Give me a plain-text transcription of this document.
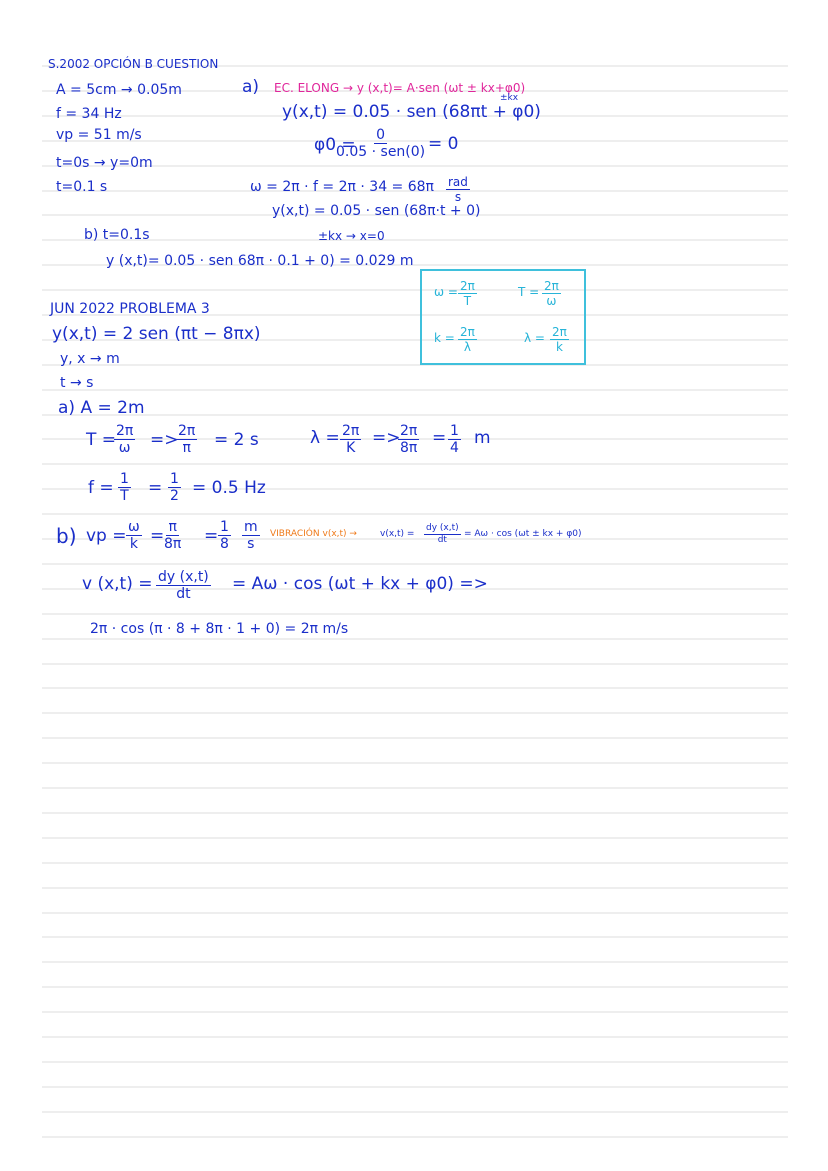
S.2002 OPCIÓN B CUESTION
A = 5cm → 0.05m
f = 34 Hz
vp = 51 m/s
t=0s → y=0m
t=0.1 s
a) EC. ELONG → y (x,t)= A·sen (ωt ± kx+φ0)
±kx
y(x,t) = 0.05 · sen (68πt + φ0)
φ0 = 0
0.05 · sen(0) = 0
ω = 2π · f = 2π · 34 = 68π rad
s
y(x,t) = 0.05 · sen (68π·t + 0)
b) t=0.1s	±kx → x=0
y (x,t)= 0.05 · sen 68π · 0.1 + 0) = 0.029 m
$\omega = \frac{2\pi}{T}$	$T = \frac{2\pi}{\omega}$
$k = \frac{2\pi}{\lambda}$	$\lambda = \frac{2\pi}{k}$
JUN 2022 PROBLEMA 3
y(x,t) = 2 sen (πt − 8πx)
y, x → m
t → s
a) A = 2m
T =
$\frac{2\pi}{\omega}$ =>
$\frac{2\pi}{\pi} = 2$ s	$\lambda = \frac{2\pi}{K}$ =>
$\frac{2\pi}{8\pi} = \frac{1}{4}$ m
$f = \frac{1}{T} = \frac{1}{2} = 0.5$ Hz
b) vp = $\frac{\omega}{k} = \frac{\pi}{8\pi} = \frac{1}{8} \frac{m}{s}$ VIBRACIÓN v(x,t) →	$v(x,t) = \frac{dy (x,t)}{dt} = A\omega \cdot \cos (\omega t$ ± kx + φ0)
v $(x,t) = \frac{dy (x,t)}{dt} = A\omega \cdot \cos (\omega t$ + kx + φ0) =>
2π · cos (π · 8 + 8π · 1 + 0) = 2π m/s
